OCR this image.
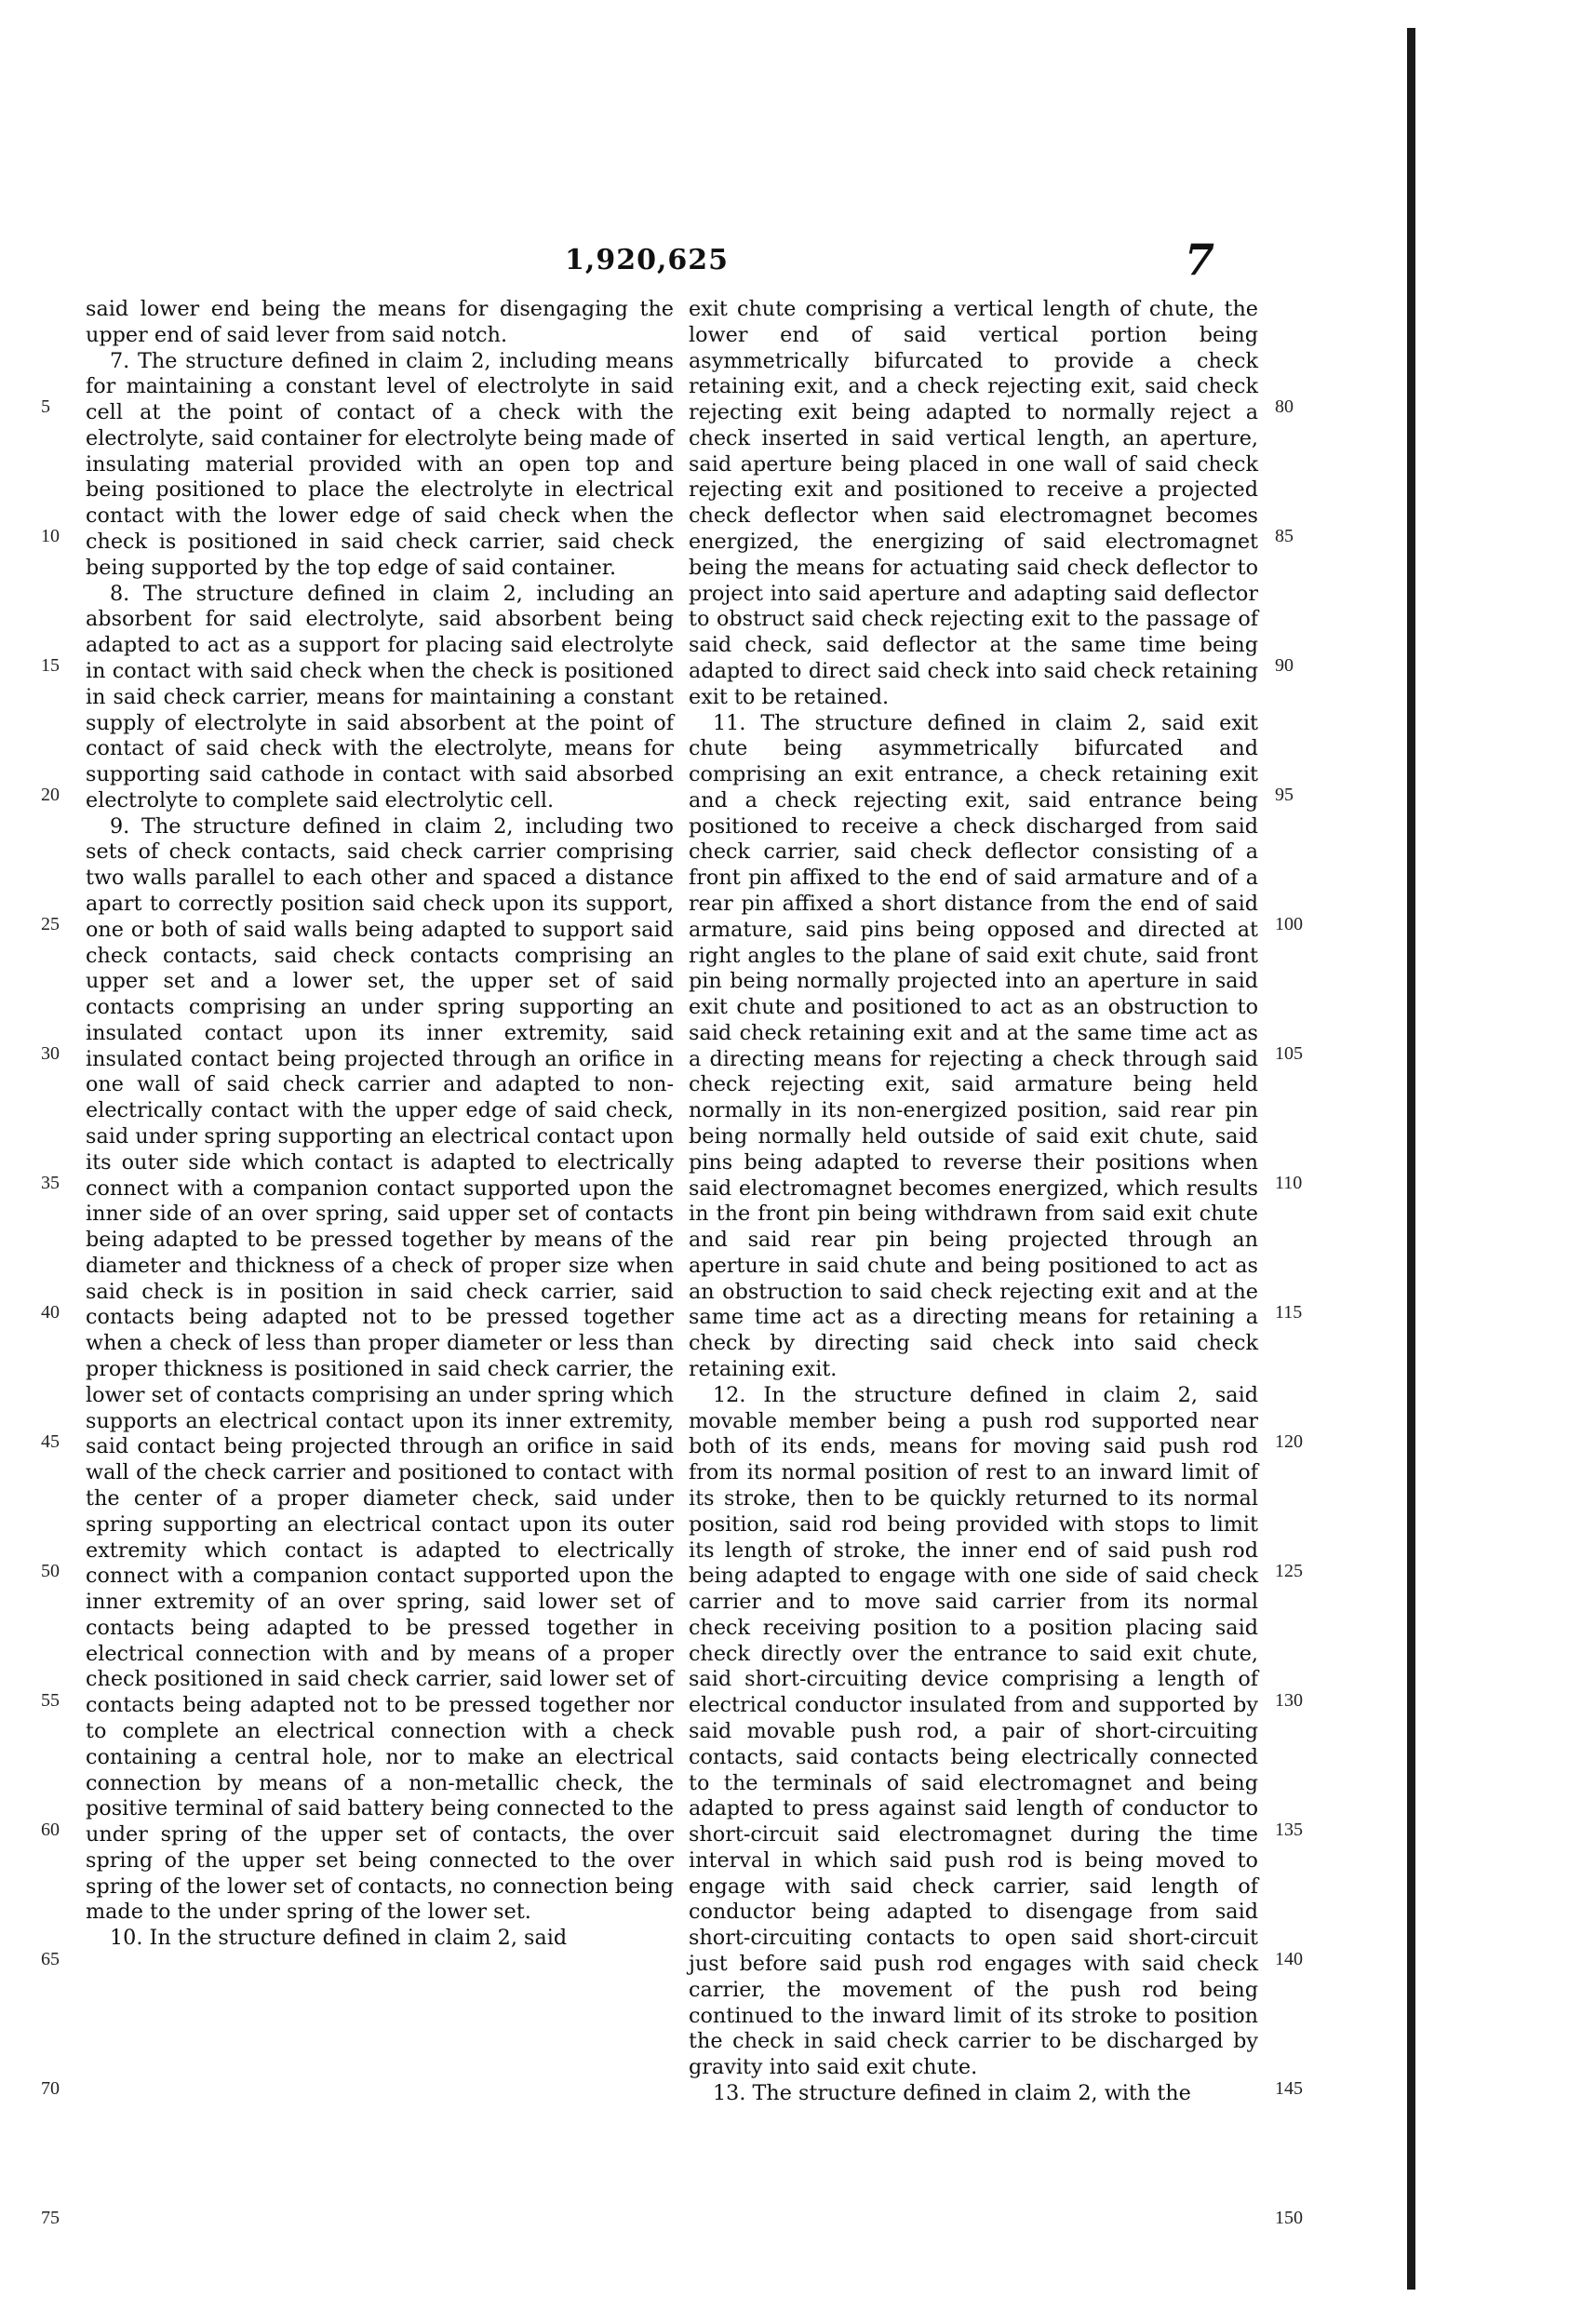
1,920,625	7

said lower end being the means for disengaging the upper end of said lever from said notch.

7. The structure defined in claim 2, including means for maintaining a constant level of electrolyte in said cell at the point of contact of a check with the electrolyte, said container for electrolyte being made of insulating material provided with an open top and being positioned to place the electrolyte in electrical contact with the lower edge of said check when the check is positioned in said check carrier, said check being supported by the top edge of said container.

8. The structure defined in claim 2, including an absorbent for said electrolyte, said absorbent being adapted to act as a support for placing said electrolyte in contact with said check when the check is positioned in said check carrier, means for maintaining a constant supply of electrolyte in said absorbent at the point of contact of said check with the electrolyte, means for supporting said cathode in contact with said absorbed electrolyte to complete said electrolytic cell.

9. The structure defined in claim 2, including two sets of check contacts, said check carrier comprising two walls parallel to each other and spaced a distance apart to correctly position said check upon its support, one or both of said walls being adapted to support said check contacts, said check contacts comprising an upper set and a lower set, the upper set of said contacts comprising an under spring supporting an insulated contact upon its inner extremity, said insulated contact being projected through an orifice in one wall of said check carrier and adapted to non-electrically contact with the upper edge of said check, said under spring supporting an electrical contact upon its outer side which contact is adapted to electrically connect with a companion contact supported upon the inner side of an over spring, said upper set of contacts being adapted to be pressed together by means of the diameter and thickness of a check of proper size when said check is in position in said check carrier, said contacts being adapted not to be pressed together when a check of less than proper diameter or less than proper thickness is positioned in said check carrier, the lower set of contacts comprising an under spring which supports an electrical contact upon its inner extremity, said contact being projected through an orifice in said wall of the check carrier and positioned to contact with the center of a proper diameter check, said under spring supporting an electrical contact upon its outer extremity which contact is adapted to electrically connect with a companion contact supported upon the inner extremity of an over spring, said lower set of contacts being adapted to be pressed together in electrical connection with and by means of a proper check positioned in said check carrier, said lower set of contacts being adapted not to be pressed together nor to complete an electrical connection with a check containing a central hole, nor to make an electrical connection by means of a non-metallic check, the positive terminal of said battery being connected to the under spring of the upper set of contacts, the over spring of the upper set being connected to the over spring of the lower set of contacts, no connection being made to the under spring of the lower set.

10. In the structure defined in claim 2, said

exit chute comprising a vertical length of chute, the lower end of said vertical portion being asymmetrically bifurcated to provide a check retaining exit, and a check rejecting exit, said check rejecting exit being adapted to normally reject a check inserted in said vertical length, an aperture, said aperture being placed in one wall of said check rejecting exit and positioned to receive a projected check deflector when said electromagnet becomes energized, the energizing of said electromagnet being the means for actuating said check deflector to project into said aperture and adapting said deflector to obstruct said check rejecting exit to the passage of said check, said deflector at the same time being adapted to direct said check into said check retaining exit to be retained.

11. The structure defined in claim 2, said exit chute being asymmetrically bifurcated and comprising an exit entrance, a check retaining exit and a check rejecting exit, said entrance being positioned to receive a check discharged from said check carrier, said check deflector consisting of a front pin affixed to the end of said armature and of a rear pin affixed a short distance from the end of said armature, said pins being opposed and directed at right angles to the plane of said exit chute, said front pin being normally projected into an aperture in said exit chute and positioned to act as an obstruction to said check retaining exit and at the same time act as a directing means for rejecting a check through said check rejecting exit, said armature being held normally in its non-energized position, said rear pin being normally held outside of said exit chute, said pins being adapted to reverse their positions when said electromagnet becomes energized, which results in the front pin being withdrawn from said exit chute and said rear pin being projected through an aperture in said chute and being positioned to act as an obstruction to said check rejecting exit and at the same time act as a directing means for retaining a check by directing said check into said check retaining exit.

12. In the structure defined in claim 2, said movable member being a push rod supported near both of its ends, means for moving said push rod from its normal position of rest to an inward limit of its stroke, then to be quickly returned to its normal position, said rod being provided with stops to limit its length of stroke, the inner end of said push rod being adapted to engage with one side of said check carrier and to move said carrier from its normal check receiving position to a position placing said check directly over the entrance to said exit chute, said short-circuiting device comprising a length of electrical conductor insulated from and supported by said movable push rod, a pair of short-circuiting contacts, said contacts being electrically connected to the terminals of said electromagnet and being adapted to press against said length of conductor to short-circuit said electromagnet during the time interval in which said push rod is being moved to engage with said check carrier, said length of conductor being adapted to disengage from said short-circuiting contacts to open said short-circuit just before said push rod engages with said check carrier, the movement of the push rod being continued to the inward limit of its stroke to position the check in said check carrier to be discharged by gravity into said exit chute.

13. The structure defined in claim 2, with the

5
10
15
20
25
30
35
40
45
50
55
60
65
70
75
80
85
90
95
100
105
110
115
120
125
130
135
140
145
150
